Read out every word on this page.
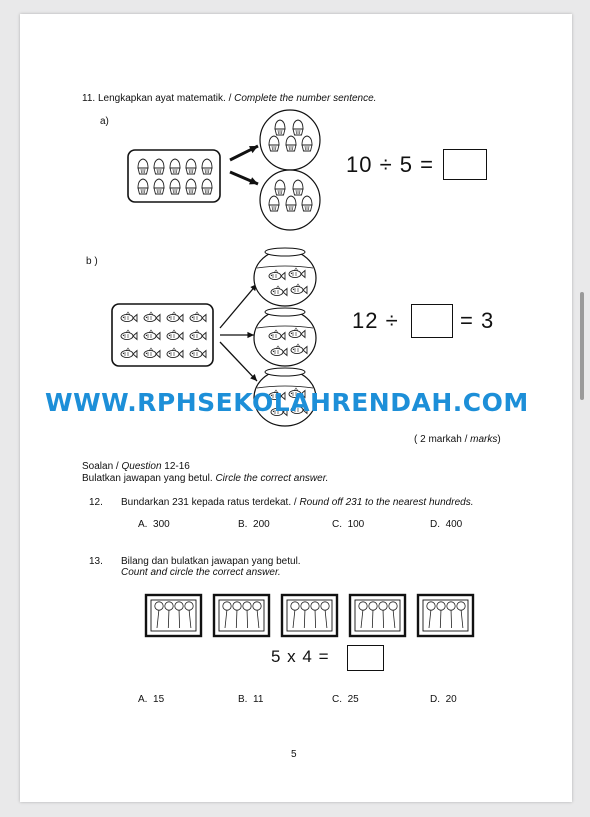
11. Lengkapkan ayat matematik. / Complete the number sentence.
a)
10 ÷ 5 =
b )
12 ÷	= 3
WWW.RPHSEKOLAHRENDAH.COM
( 2 markah / marks)
Soalan / Question 12-16
Bulatkan jawapan yang betul. Circle the correct answer.
12. Bundarkan 231 kepada ratus terdekat. / Round off 231 to the nearest hundreds.
A. 300	B. 200	C. 100	D. 400
13. Bilang dan bulatkan jawapan yang betul.
Count and circle the correct answer.
5 x 4 =
A. 15	B. 11	C. 25	D. 20
5
